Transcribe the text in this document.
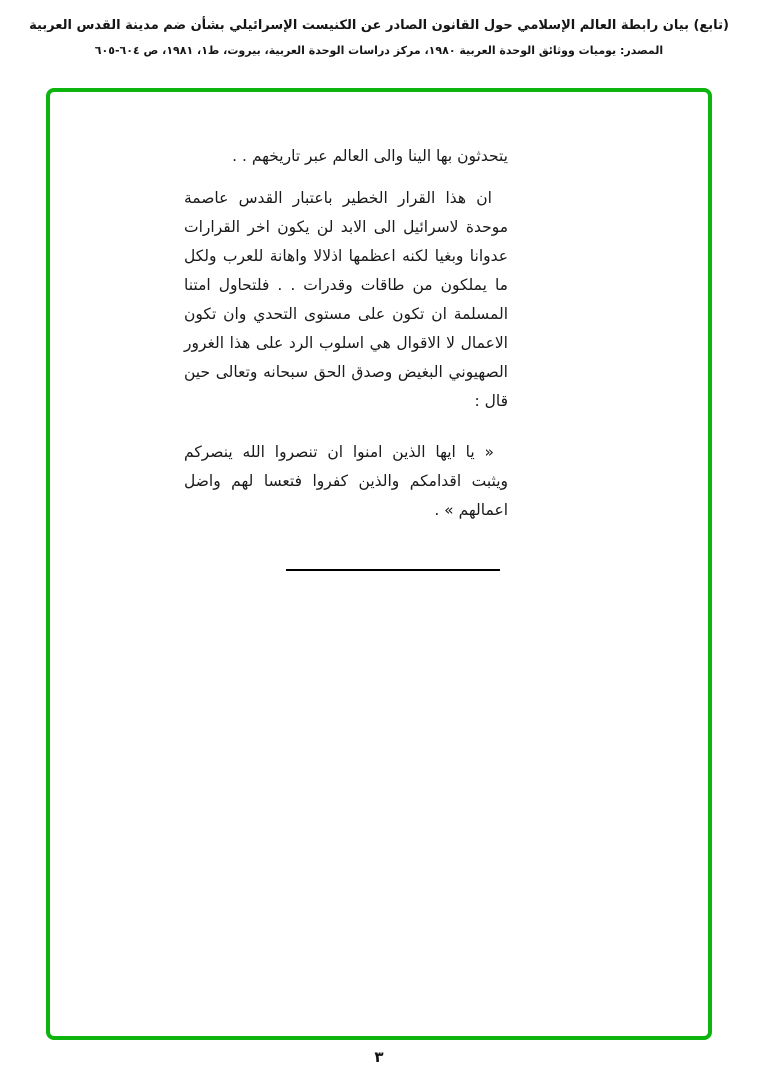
(تابع) بيان رابطة العالم الإسلامي حول القانون الصادر عن الكنيست الإسرائيلي بشأن ضم مدينة القدس العربية
المصدر: يوميات ووثائق الوحدة العربية ١٩٨٠، مركز دراسات الوحدة العربية، بيروت، ط١، ١٩٨١، ص ٦٠٤-٦٠٥

يتحدثون بها الينا والى العالم عبر تاريخهم . .

ان هذا القرار الخطير باعتبار القدس عاصمة موحدة لاسرائيل الى الابد لن يكون اخر القرارات عدوانا وبغيا لكنه اعظمها اذلالا واهانة للعرب ولكل ما يملكون من طاقات وقدرات . . فلتحاول امتنا المسلمة ان تكون على مستوى التحدي وان تكون الاعمال لا الاقوال هي اسلوب الرد على هذا الغرور الصهيوني البغيض وصدق الحق سبحانه وتعالى حين قال :

« يا ايها الذين امنوا ان تنصروا الله ينصركم ويثبت اقدامكم والذين كفروا فتعسا لهم واضل اعمالهم » .

٣
